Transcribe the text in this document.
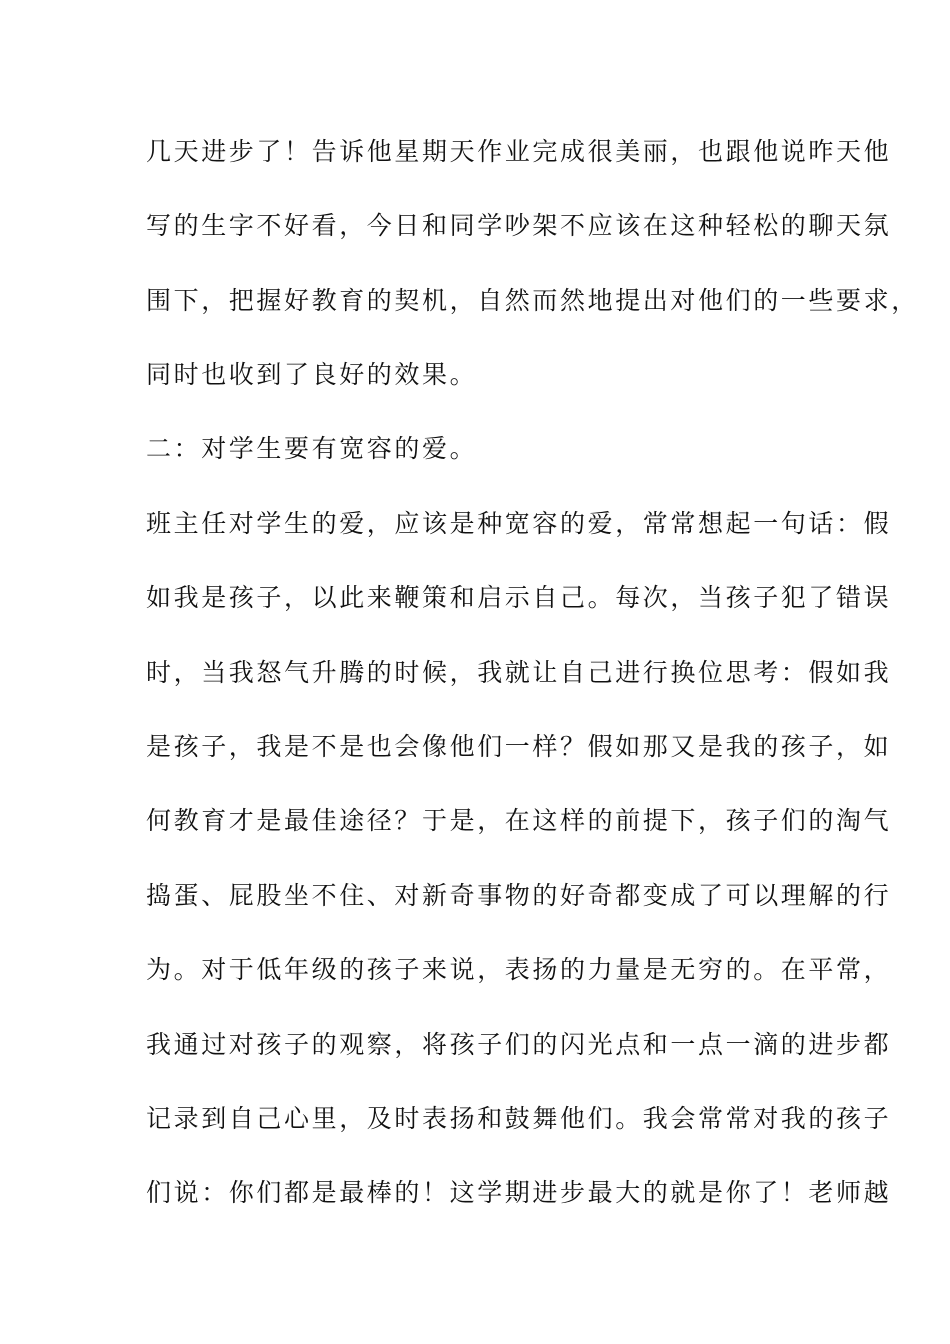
几天进步了！告诉他星期天作业完成很美丽，也跟他说昨天他
写的生字不好看，今日和同学吵架不应该在这种轻松的聊天氛
围下，把握好教育的契机，自然而然地提出对他们的一些要求，
同时也收到了良好的效果。
二：对学生要有宽容的爱。
班主任对学生的爱，应该是种宽容的爱，常常想起一句话：假
如我是孩子，以此来鞭策和启示自己。每次，当孩子犯了错误
时，当我怒气升腾的时候，我就让自己进行换位思考：假如我
是孩子，我是不是也会像他们一样？假如那又是我的孩子，如
何教育才是最佳途径？于是，在这样的前提下，孩子们的淘气
捣蛋、屁股坐不住、对新奇事物的好奇都变成了可以理解的行
为。对于低年级的孩子来说，表扬的力量是无穷的。在平常，
我通过对孩子的观察，将孩子们的闪光点和一点一滴的进步都
记录到自己心里，及时表扬和鼓舞他们。我会常常对我的孩子
们说：你们都是最棒的！这学期进步最大的就是你了！老师越
